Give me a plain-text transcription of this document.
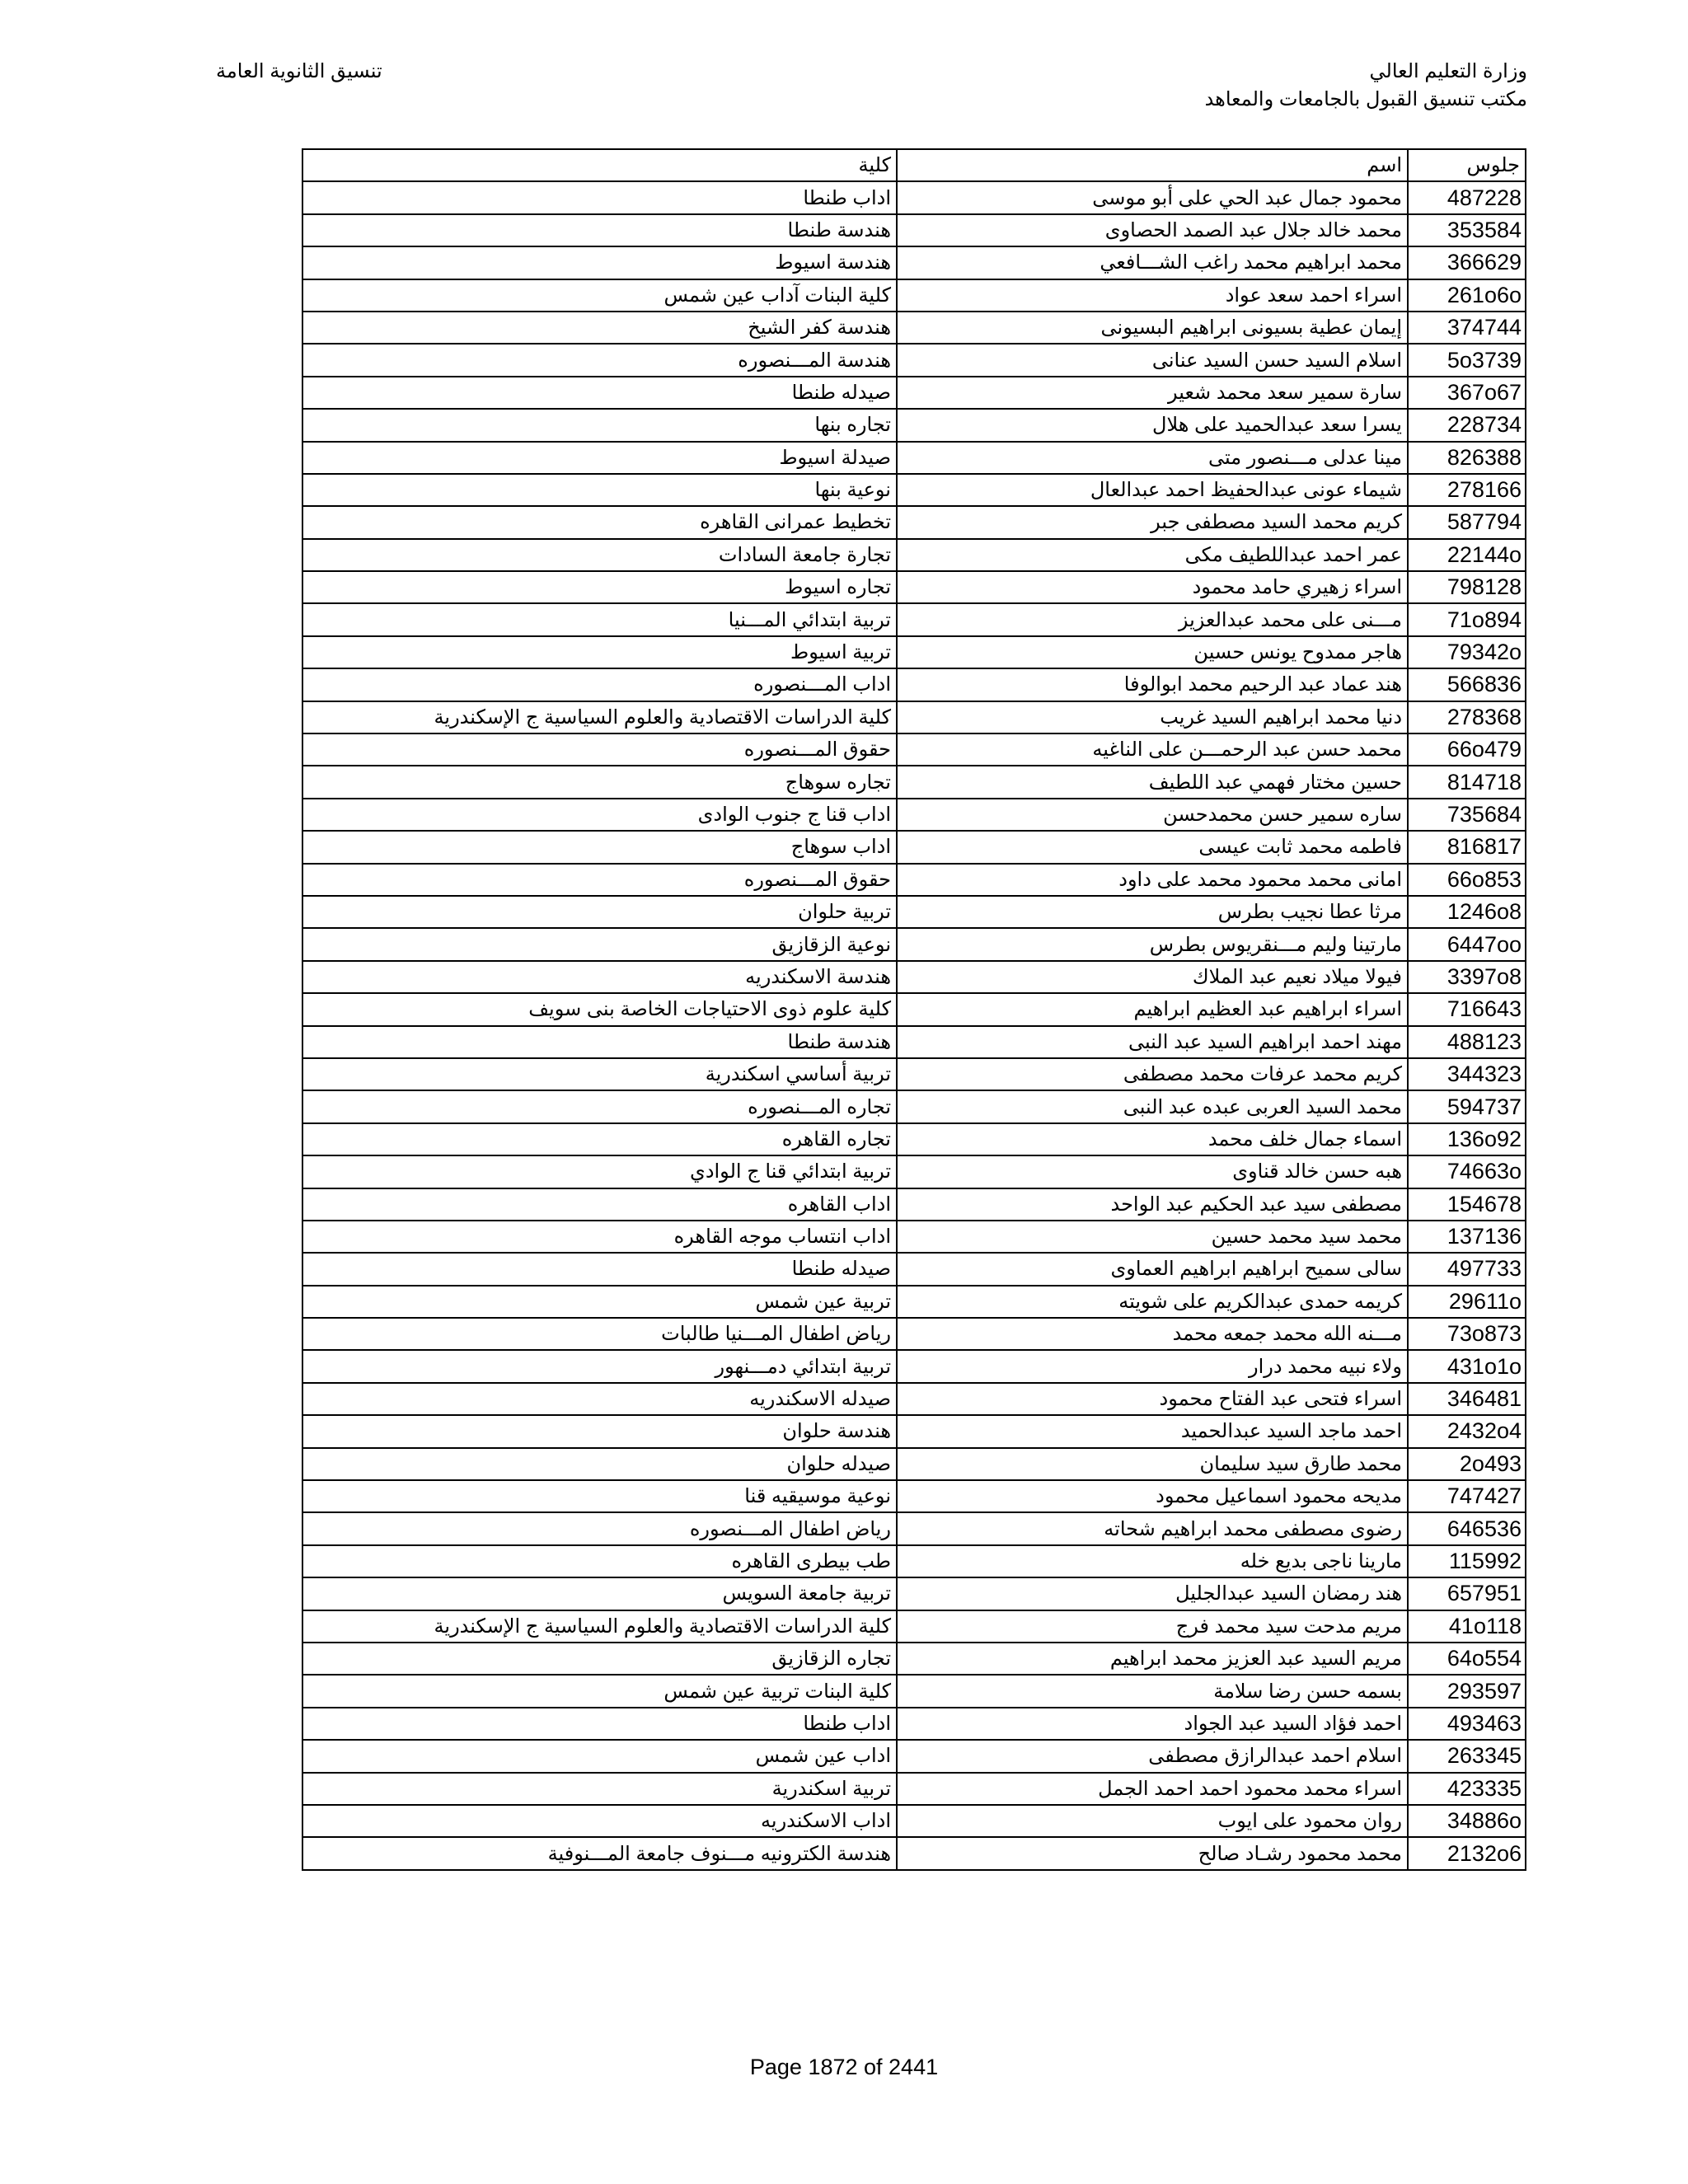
وزارة التعليم العالي
مكتب تنسيق القبول بالجامعات والمعاهد
تنسيق الثانوية العامة
جلوس	اسم	كلية
487228	محمود جمال عبد الحي على أبو موسى	اداب طنطا
353584	محمد خالد جلال عبد الصمد الحصاوى	هندسة طنطا
366629	محمد ابراهيم محمد راغب الشـــافعي	هندسة اسيوط
261o6o	اسراء احمد سعد عواد	كلية البنات آداب عين شمس
374744	إيمان عطية بسيونى ابراهيم البسيونى	هندسة كفر الشيخ
5o3739	اسلام السيد حسن السيد عنانى	هندسة المـــنصوره
367o67	سارة سمير سعد محمد شعير	صيدله طنطا
228734	يسرا سعد عبدالحميد على هلال	تجاره بنها
826388	مينا عدلى مـــنصور متى	صيدلة اسيوط
278166	شيماء عونى عبدالحفيظ احمد عبدالعال	نوعية بنها
587794	كريم محمد السيد مصطفى جبر	تخطيط عمرانى القاهره
22144o	عمر احمد عبداللطيف مكى	تجارة جامعة السادات
798128	اسراء زهيري حامد محمود	تجاره اسيوط
71o894	مـــنى على محمد عبدالعزيز	تربية ابتدائي المـــنيا
79342o	هاجر ممدوح يونس حسين	تربية اسيوط
566836	هند عماد عبد الرحيم محمد ابوالوفا	اداب المـــنصوره
278368	دنيا محمد ابراهيم السيد غريب	كلية الدراسات الاقتصادية والعلوم السياسية ج الإسكندرية
66o479	محمد حسن عبد الرحمـــن على الناغيه	حقوق المـــنصوره
814718	حسين مختار فهمي عبد اللطيف	تجاره سوهاج
735684	ساره سمير حسن محمدحسن	اداب قنا ج جنوب الوادى
816817	فاطمه محمد ثابت عيسى	اداب سوهاج
66o853	امانى محمد محمود محمد على داود	حقوق المـــنصوره
1246o8	مرثا عطا نجيب بطرس	تربية حلوان
6447oo	مارتينا وليم مـــنقريوس بطرس	نوعية الزقازيق
3397o8	فيولا ميلاد نعيم عبد الملاك	هندسة الاسكندريه
716643	اسراء ابراهيم عبد العظيم ابراهيم	كلية علوم ذوى الاحتياجات الخاصة بنى سويف
488123	مهند احمد ابراهيم السيد عبد النبى	هندسة طنطا
344323	كريم محمد عرفات محمد مصطفى	تربية أساسي اسكندرية
594737	محمد السيد العربى عبده عبد النبى	تجاره المـــنصوره
136o92	اسماء جمال خلف محمد	تجاره القاهره
74663o	هبه حسن خالد قناوى	تربية ابتدائي قنا ج الوادي
154678	مصطفى سيد عبد الحكيم عبد الواحد	اداب القاهره
137136	محمد سيد محمد حسين	اداب انتساب موجه القاهره
497733	سالى سميح ابراهيم ابراهيم العماوى	صيدله طنطا
29611o	كريمه حمدى عبدالكريم على شويته	تربية عين شمس
73o873	مـــنه الله محمد جمعه محمد	رياض اطفال المـــنيا طالبات
431o1o	ولاء نبيه محمد درار	تربية ابتدائي دمـــنهور
346481	اسراء فتحى عبد الفتاح محمود	صيدله الاسكندريه
2432o4	احمد ماجد السيد عبدالحميد	هندسة حلوان
2o493	محمد طارق سيد سليمان	صيدله حلوان
747427	مديحه محمود اسماعيل محمود	نوعية موسيقيه قنا
646536	رضوى مصطفى محمد ابراهيم شحاته	رياض اطفال المـــنصوره
115992	مارينا ناجى بديع خله	طب بيطرى القاهره
657951	هند رمضان السيد عبدالجليل	تربية جامعة السويس
41o118	مريم مدحت سيد محمد فرج	كلية الدراسات الاقتصادية والعلوم السياسية ج الإسكندرية
64o554	مريم السيد عبد العزيز محمد ابراهيم	تجاره الزقازيق
293597	بسمه حسن رضا سلامة	كلية البنات تربية عين شمس
493463	احمد فؤاد السيد عبد الجواد	اداب طنطا
263345	اسلام احمد عبدالرازق مصطفى	اداب عين شمس
423335	اسراء محمد محمود احمد احمد الجمل	تربية اسكندرية
34886o	روان محمود على ايوب	اداب الاسكندريه
2132o6	محمد محمود رشـاد صالح	هندسة الكترونيه مـــنوف جامعة المـــنوفية
Page 1872 of 2441
